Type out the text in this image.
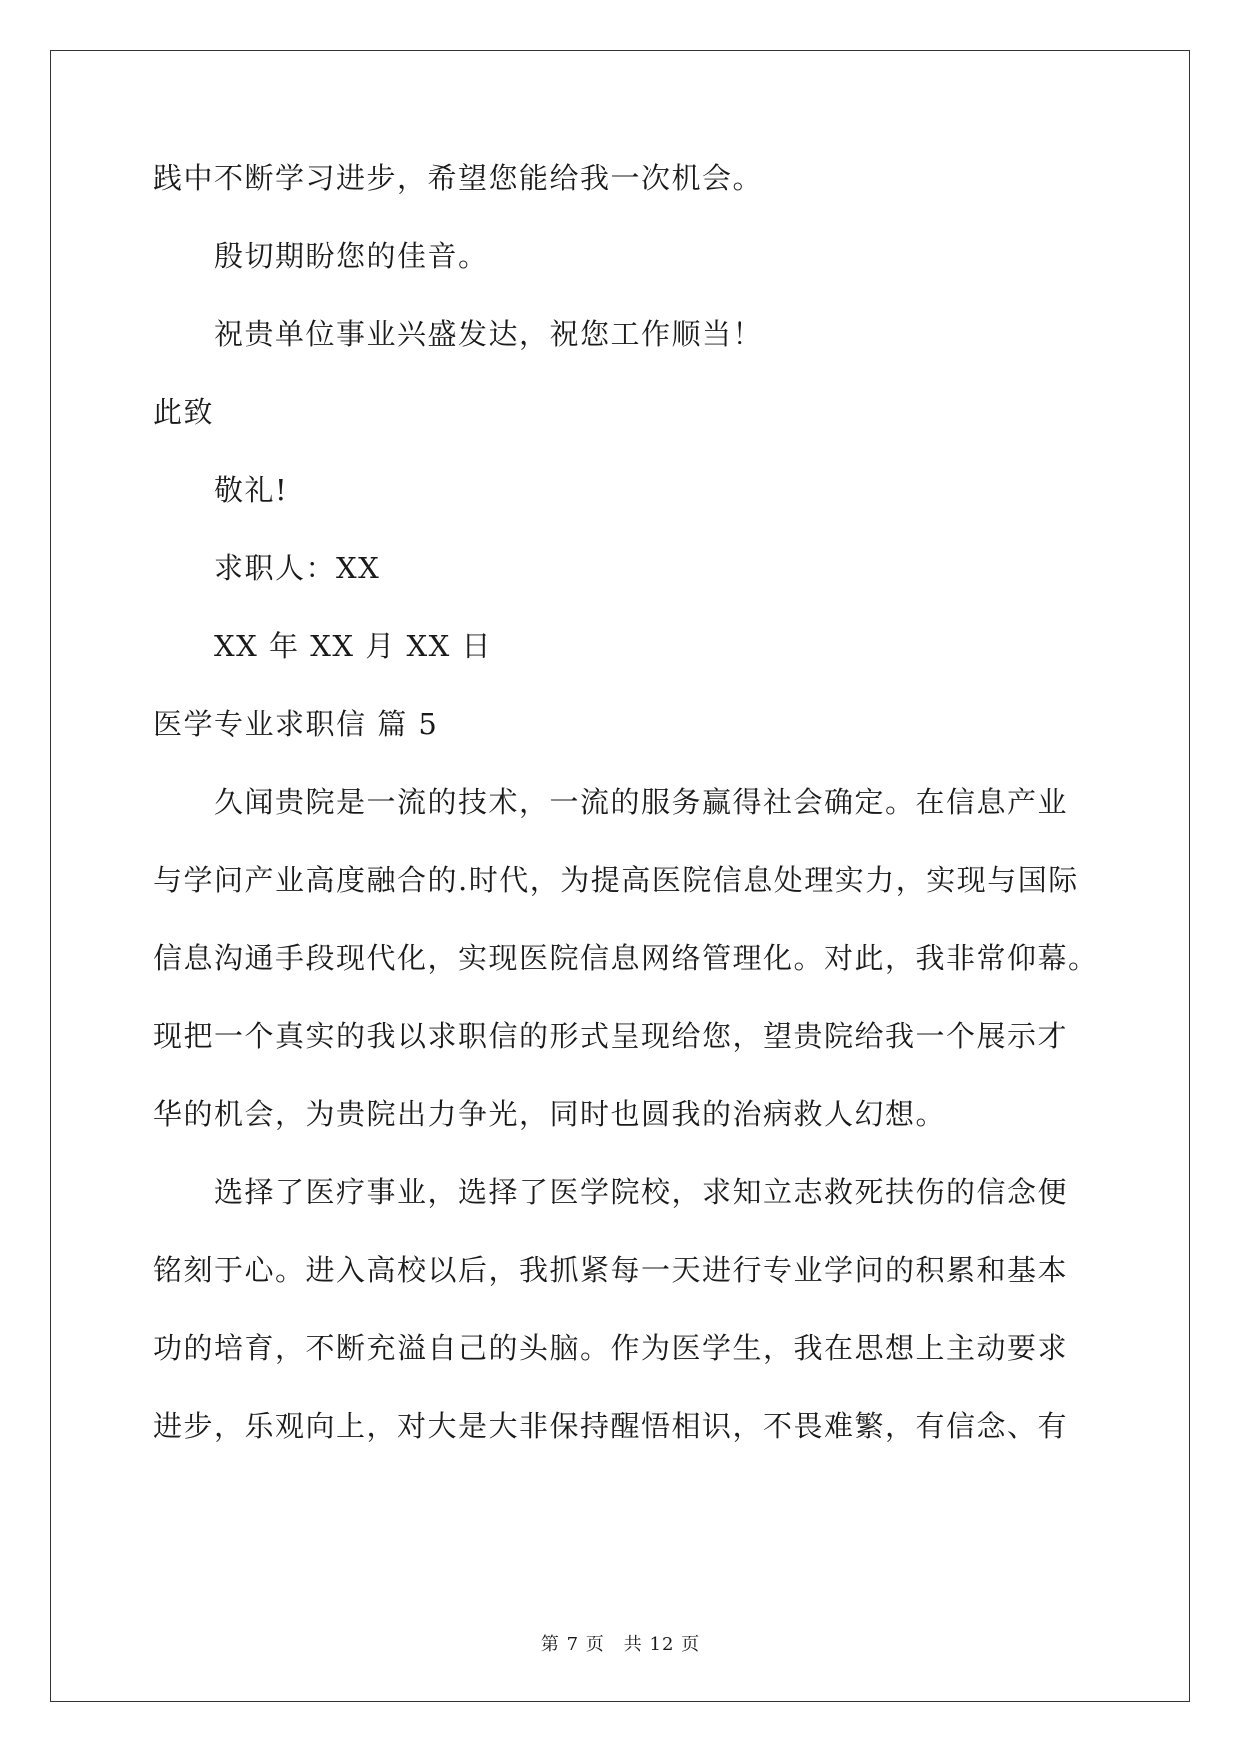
践中不断学习进步，希望您能给我一次机会。
殷切期盼您的佳音。
祝贵单位事业兴盛发达，祝您工作顺当！
此致
敬礼!
求职人：XX
XX 年 XX 月 XX 日
医学专业求职信 篇 5
久闻贵院是一流的技术，一流的服务赢得社会确定。在信息产业
与学问产业高度融合的.时代，为提高医院信息处理实力，实现与国际
信息沟通手段现代化，实现医院信息网络管理化。对此，我非常仰幕。
现把一个真实的我以求职信的形式呈现给您，望贵院给我一个展示才
华的机会，为贵院出力争光，同时也圆我的治病救人幻想。
选择了医疗事业，选择了医学院校，求知立志救死扶伤的信念便
铭刻于心。进入高校以后，我抓紧每一天进行专业学问的积累和基本
功的培育，不断充溢自己的头脑。作为医学生，我在思想上主动要求
进步，乐观向上，对大是大非保持醒悟相识，不畏难繁，有信念、有
第 7 页　共 12 页
